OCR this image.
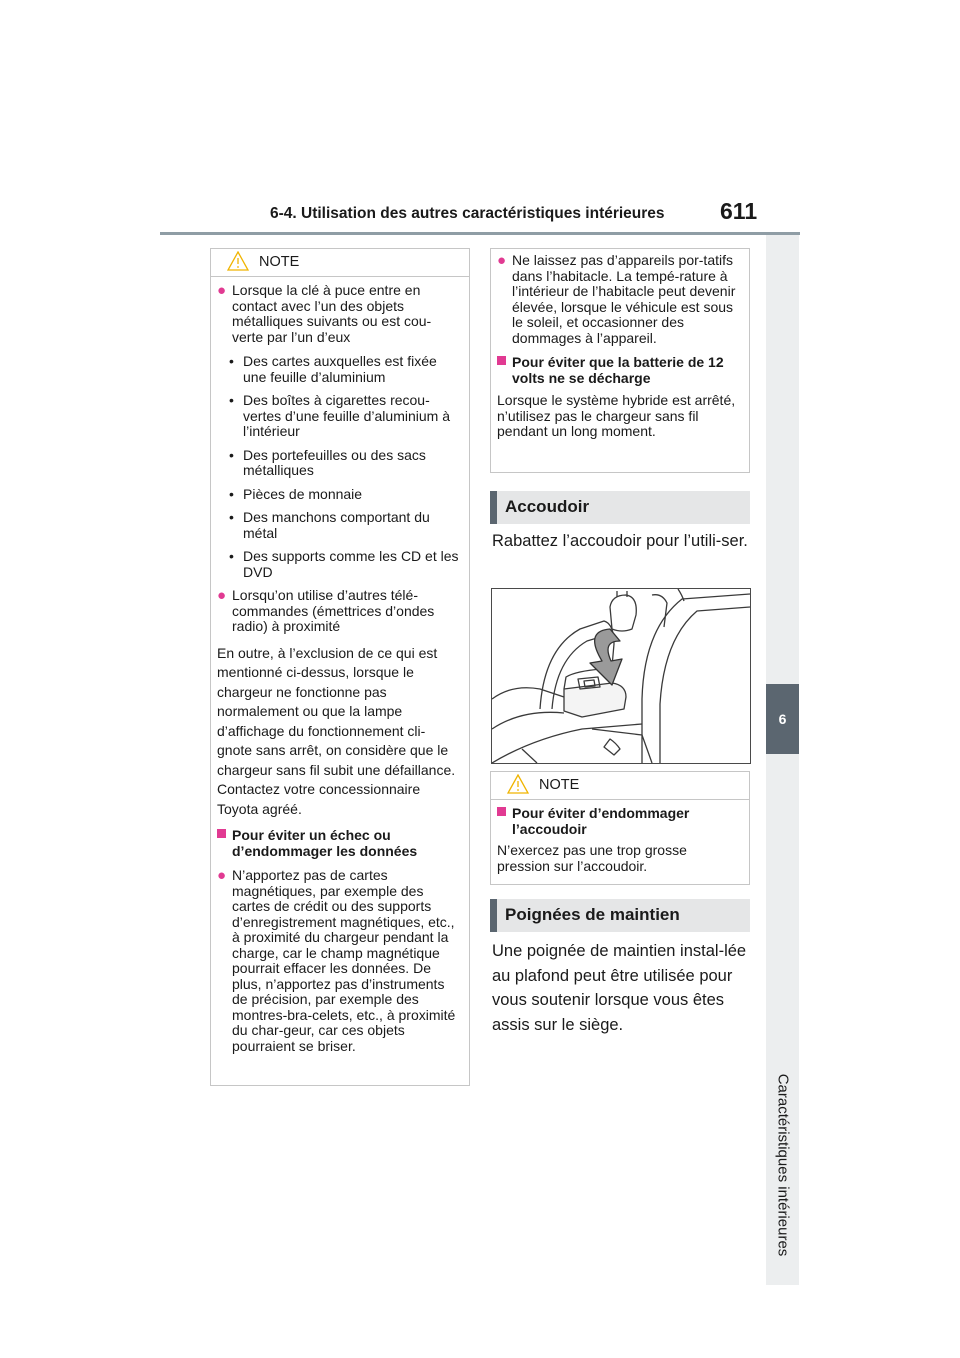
6-4. Utilisation des autres caractéristiques intérieures 611
6
Caractéristiques intérieures
NOTE
● Lorsque la clé à puce entre en contact avec l’un des objets métalliques suivants ou est cou-verte par l’un d’eux
• Des cartes auxquelles est fixée une feuille d’aluminium
• Des boîtes à cigarettes recou-vertes d’une feuille d’aluminium à l’intérieur
• Des portefeuilles ou des sacs métalliques
• Pièces de monnaie
• Des manchons comportant du métal
• Des supports comme les CD et les DVD
● Lorsqu’on utilise d’autres télé-commandes (émettrices d’ondes radio) à proximité

En outre, à l’exclusion de ce qui est mentionné ci-dessus, lorsque le chargeur ne fonctionne pas normalement ou que la lampe d’affichage du fonctionnement cli-gnote sans arrêt, on considère que le chargeur sans fil subit une défaillance. Contactez votre concessionnaire Toyota agréé.

Pour éviter un échec ou d’endommager les données
● N’apportez pas de cartes magnétiques, par exemple des cartes de crédit ou des supports d’enregistrement magnétiques, etc., à proximité du chargeur pendant la charge, car le champ magnétique pourrait effacer les données. De plus, n’apportez pas d’instruments de précision, par exemple des montres-bra-celets, etc., à proximité du char-geur, car ces objets pourraient se briser.
● Ne laissez pas d’appareils por-tatifs dans l’habitacle. La tempé-rature à l’intérieur de l’habitacle peut devenir élevée, lorsque le véhicule est sous le soleil, et occasionner des dommages à l’appareil.
Pour éviter que la batterie de 12 volts ne se décharge

Lorsque le système hybride est arrêté, n’utilisez pas le chargeur sans fil pendant un long moment.

Accoudoir
Rabattez l’accoudoir pour l’utili-ser.
NOTE
Pour éviter d’endommager l’accoudoir

N’exercez pas une trop grosse pression sur l’accoudoir.

Poignées de maintien
Une poignée de maintien instal-lée au plafond peut être utilisée pour vous soutenir lorsque vous êtes assis sur le siège.
